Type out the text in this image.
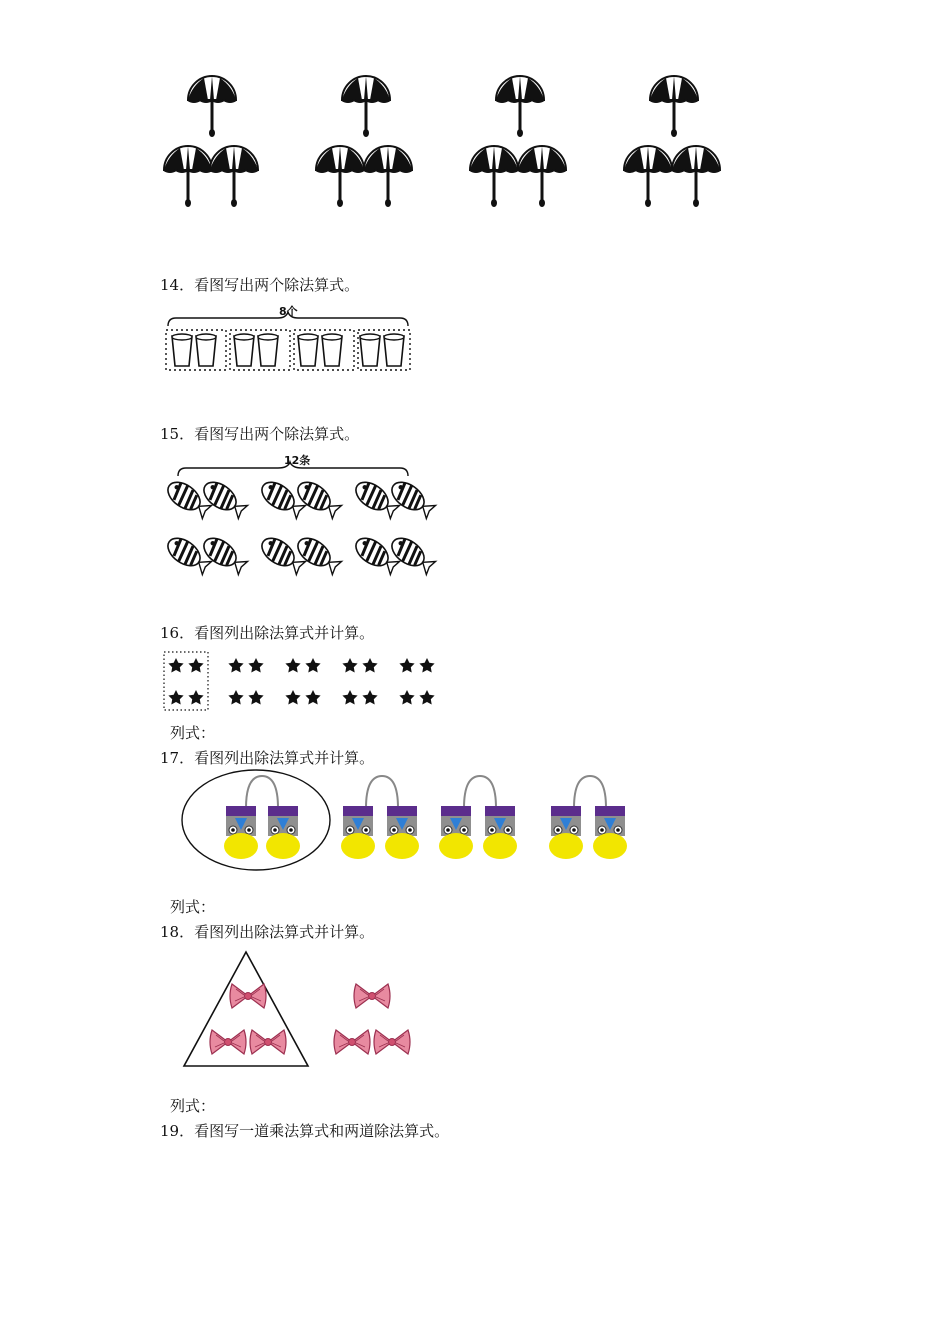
14．看图写出两个除法算式。
8个
15．看图写出两个除法算式。
12条
16．看图列出除法算式并计算。
列式：
17．看图列出除法算式并计算。
列式：
18．看图列出除法算式并计算。
列式：
19．看图写一道乘法算式和两道除法算式。
